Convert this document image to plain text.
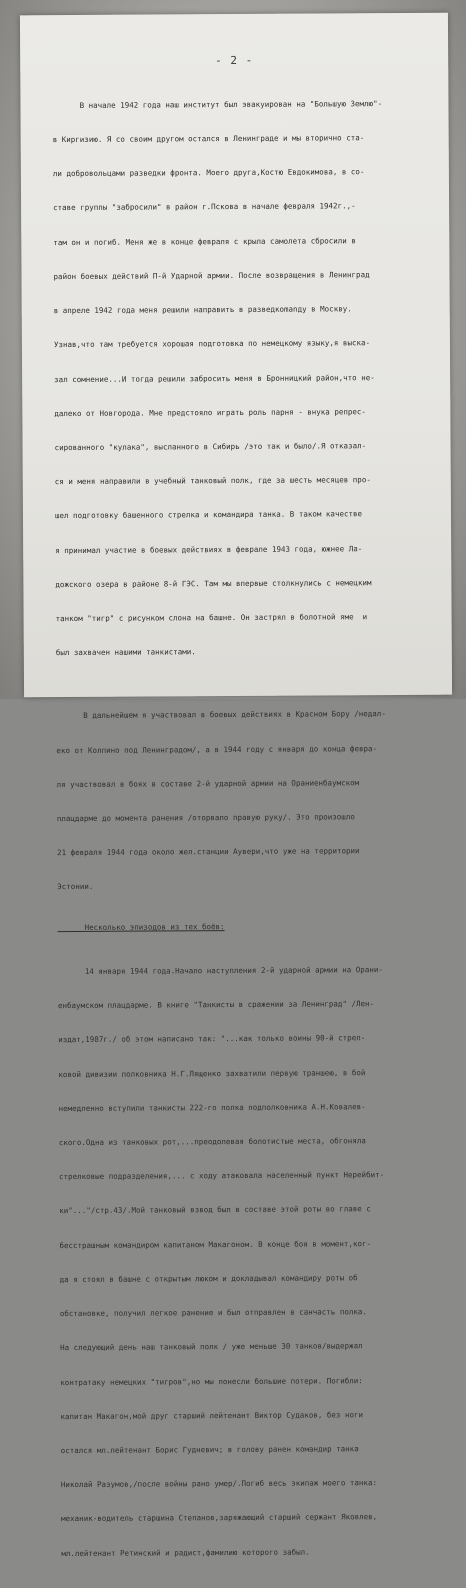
- 2 -

В начале 1942 года наш институт был эвакуирован на "Большую Землю"-

в Киргизию. Я со своим другом остался в Ленинграде и мы вторично ста-

ли добровольцами разведки фронта. Моего друга,Костю Евдокимова, в со-

ставе группы "забросили" в район г.Пскова в начале февраля 1942г.,-

там он и погиб. Меня же в конце февраля с крыла самолета сбросили в

район боевых действий П-й Ударной армии. После возвращения в Ленинград

в апреле 1942 года меня решили направить в разведкоmanду в Москву.

Узнав,что там требуется хорошая подготовка по немецкому языку,я выска-

зал сомнение...И тогда решили забросить меня в Бронницкий район,что не-

далеко от Новгорода. Мне предстояло играть роль парня - внука репрес-

сированного "кулака", высланного в Сибирь /это так и было/.Я отказал-

ся и меня направили в учебный танковый полк, где за шесть месяцев про-

шел подготовку башенного стрелка и командира танка. В таком качестве

я принимал участие в боевых действиях в феврале 1943 года, южнее Ла-

дожского озера в районе 8-й ГЭС. Там мы впервые столкнулись с немецким

танком "тигр" с рисунком слона на башне. Он застрял в болотной яме  и

был захвачен нашими танкистами.

В дальнейшем я участвовал в боевых действиях в Красном Бору /недал-

еко от Колпино под Ленинградом/, а в 1944 году с января до конца февра-

ля участвовал в боях в составе 2-й ударной армии на Ораниенбаумском

плацдарме до момента ранения /оторвало правую руку/. Это произошло

21 февраля 1944 года около жел.станции Аувери,что уже на территории

Эстонии.

Несколько эпизодов из тех боёв:

14 января 1944 года.Начало наступления 2-й ударной армии на Орани-

енбаумском плацдарме. В книге "Танкисты в сражении за Ленинград" /Лен-

издат,1987г./ об этом написано так: "...как только воины 90-й стрел-

ковой дивизии полковника Н.Г.Лященко захватили первую траншею, в бой

немедленно вступили танкисты 222-го полка подполковника А.Н.Ковалев-

ского.Одна из танковых рот,...преодолевая болотистые места, обгоняла

стрелковые подразделения,... с ходу атаковала населенный пункт Нерейбит-

ки"..."/стр.43/.Мой танковый взвод был в составе этой роты во главе с

бесстрашным командиром капитаном Макагоном. В конце боя в момент,ког-

да я стоял в башне с открытым люком и докладывал командиру роты об

обстановке, получил легкое ранение и был отправлен в санчасть полка.

На следующий день наш танковый полк / уже меньше 30 танков/выдержал

контратаку немецких "тигров",но мы понесли большие потери. Погибли:

капитан Макагон,мой друг старший лейтенант Виктор Судаков, без ноги

остался мл.лейтенант Борис Гудневич; в голову ранен командир танка

Николай Разумов,/после войны рано умер/.Погиб весь экипаж моего танка:

механик-водитель старшина Степанов,заряжающий старший сержант Яковлев,

мл.лейтенант Ретинский и радист,фамилию которого забыл.
